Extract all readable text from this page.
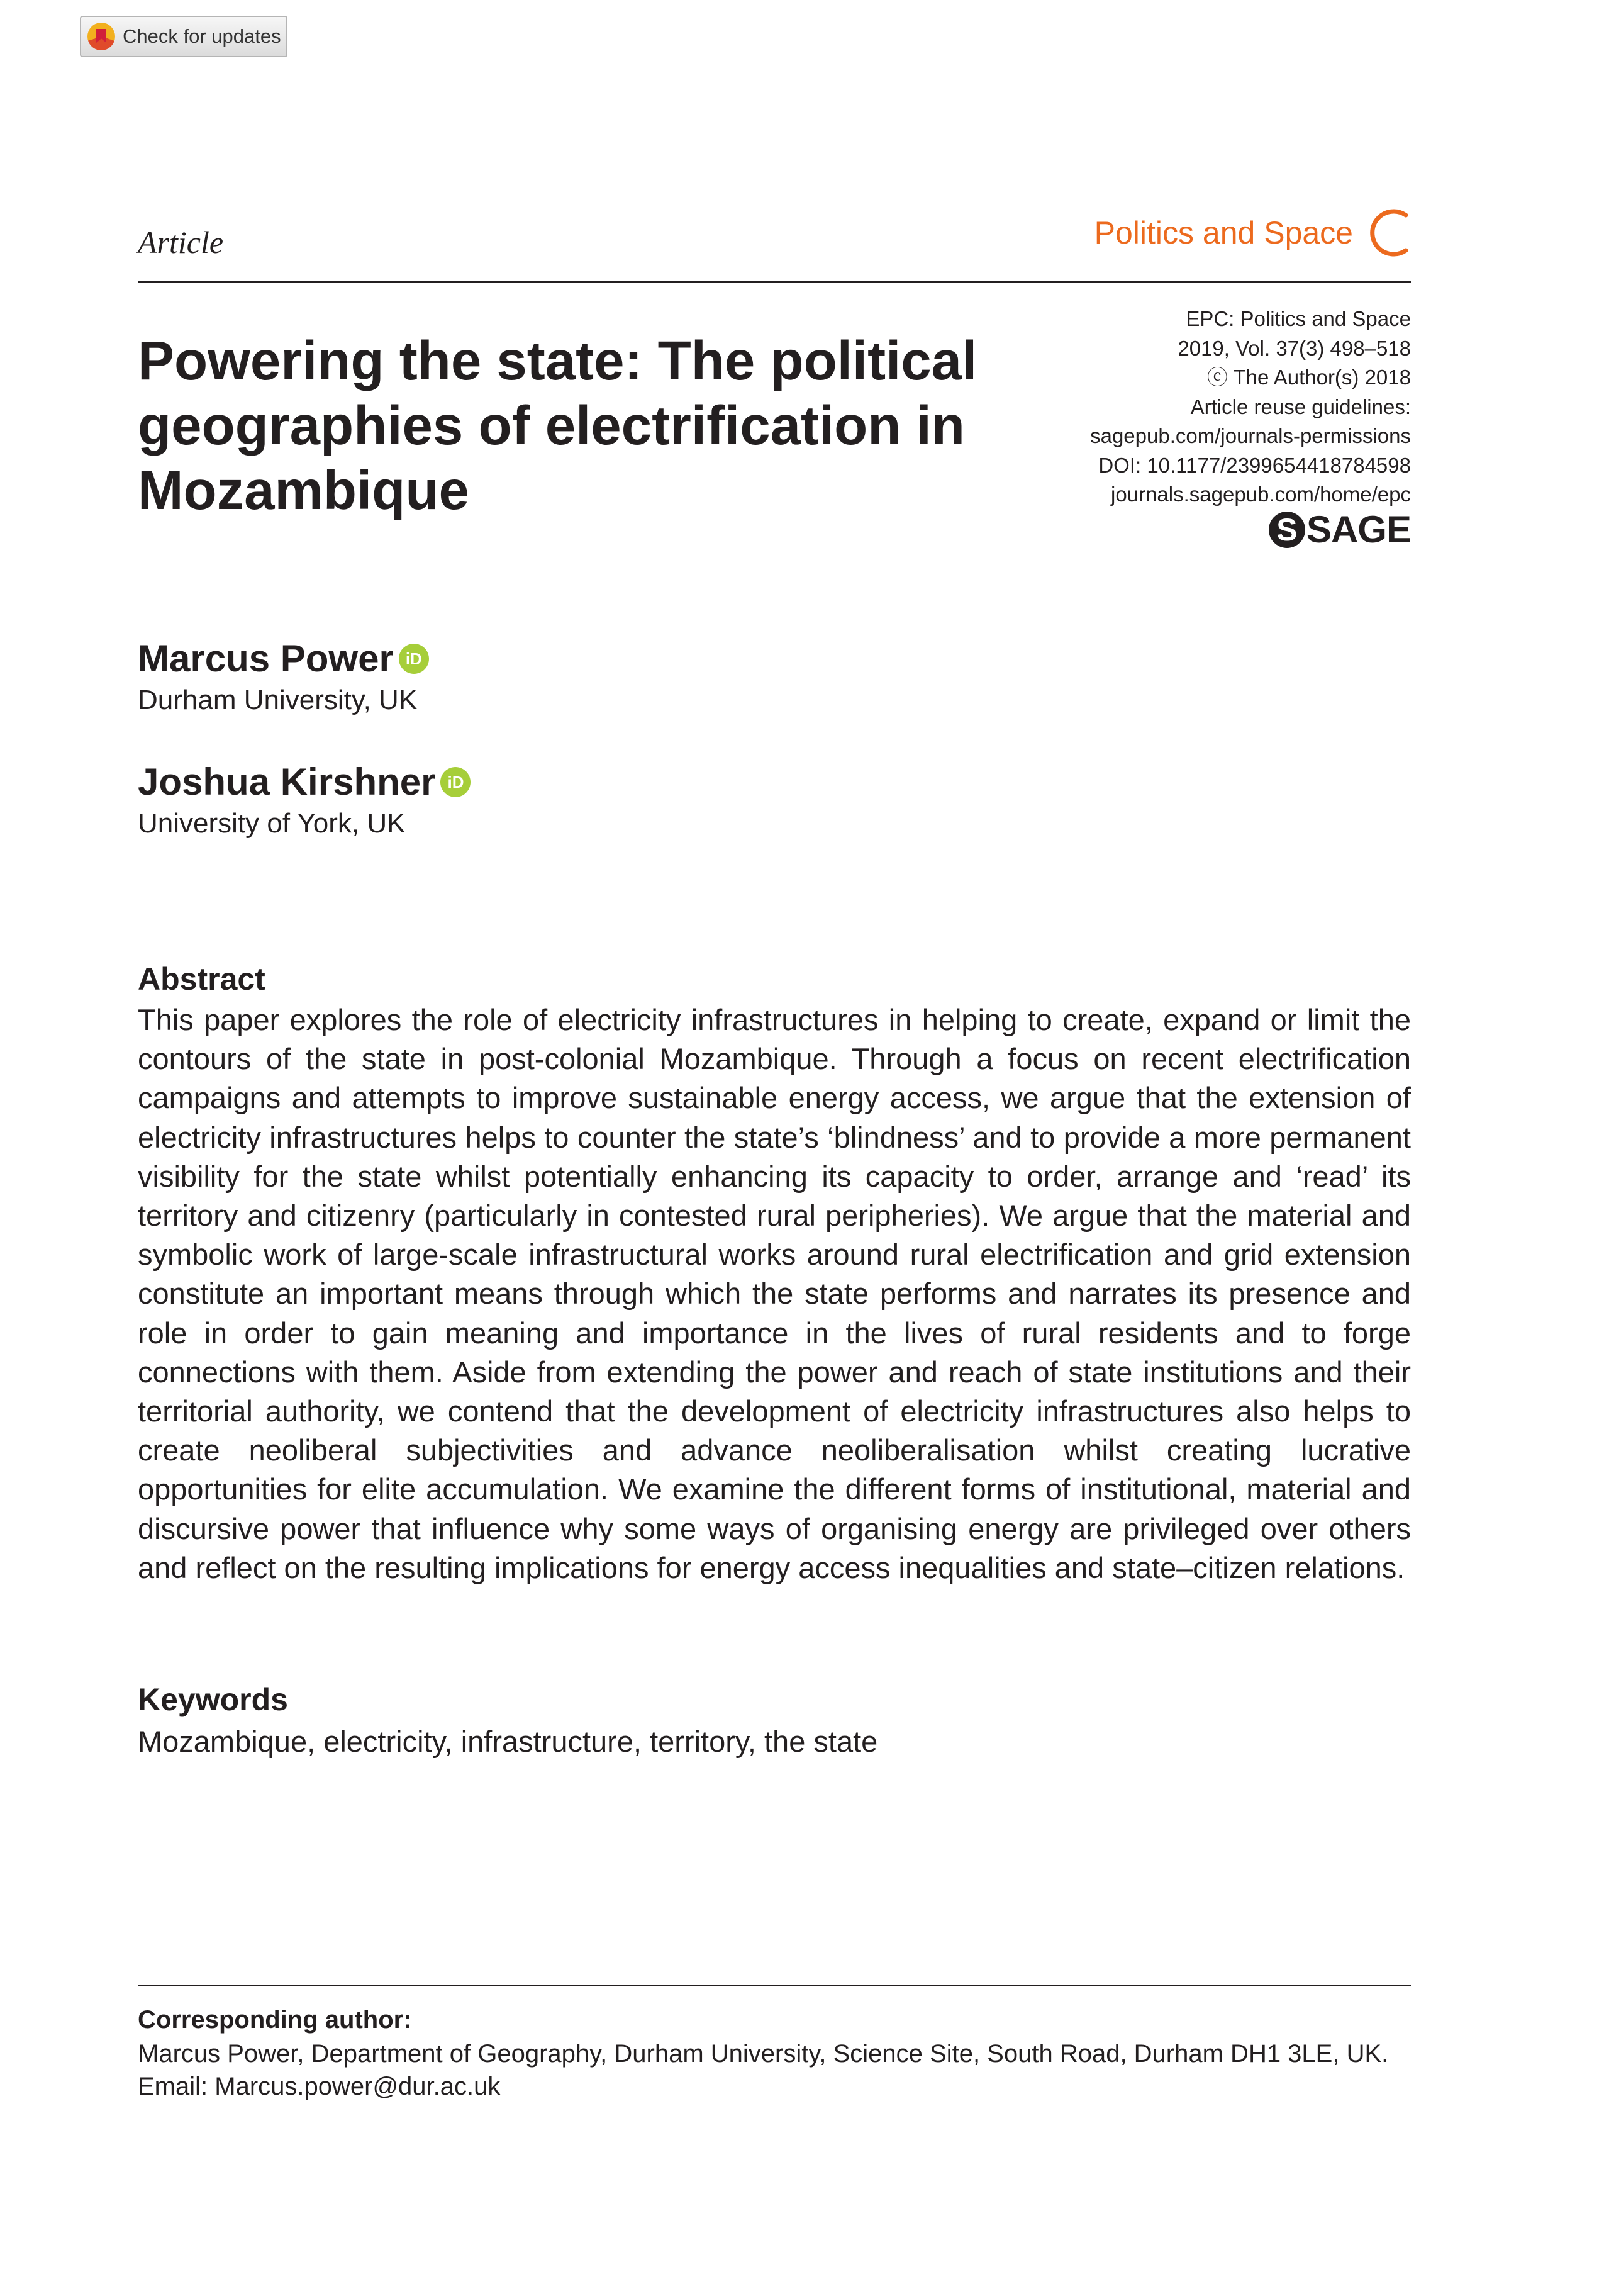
Check for updates
Article	Politics and Space
Powering the state: The political geographies of electrification in Mozambique
EPC: Politics and Space
2019, Vol. 37(3) 498–518
ⓒ The Author(s) 2018
Article reuse guidelines:
sagepub.com/journals-permissions
DOI: 10.1177/2399654418784598
journals.sagepub.com/home/epc
S SAGE
Marcus Power iD
Durham University, UK
Joshua Kirshner iD
University of York, UK
Abstract

This paper explores the role of electricity infrastructures in helping to create, expand or limit the contours of the state in post-colonial Mozambique. Through a focus on recent electrification campaigns and attempts to improve sustainable energy access, we argue that the extension of electricity infrastructures helps to counter the state’s ‘blindness’ and to provide a more permanent visibility for the state whilst potentially enhancing its capacity to order, arrange and ‘read’ its territory and citizenry (particularly in contested rural peripheries). We argue that the material and symbolic work of large-scale infrastructural works around rural electrification and grid extension constitute an important means through which the state performs and narrates its presence and role in order to gain meaning and importance in the lives of rural residents and to forge connections with them. Aside from extending the power and reach of state institutions and their territorial authority, we contend that the development of electricity infrastructures also helps to create neoliberal subjectivities and advance neoliberalisation whilst creating lucrative opportunities for elite accumulation. We examine the different forms of institutional, material and discursive power that influence why some ways of organising energy are privileged over others and reflect on the resulting implications for energy access inequalities and state–citizen relations.

Keywords
Mozambique, electricity, infrastructure, territory, the state
Corresponding author:
Marcus Power, Department of Geography, Durham University, Science Site, South Road, Durham DH1 3LE, UK.
Email: Marcus.power@dur.ac.uk
